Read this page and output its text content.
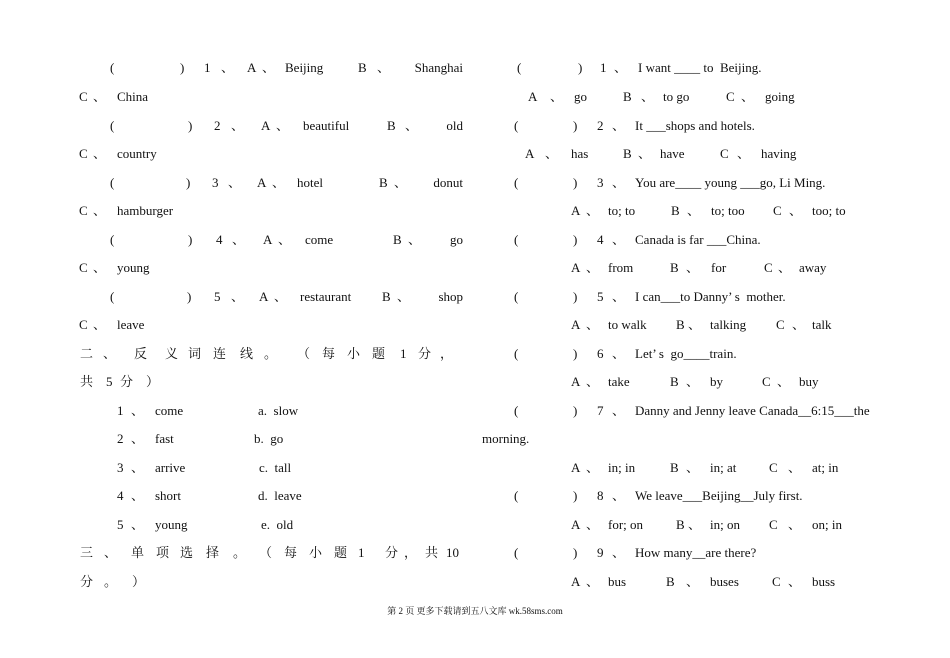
(	) 1 、 A 、 Beijing	B 、 Shanghai
C 、 China
(	) 2 、 A 、 beautiful	B 、 old
C 、 country
(	) 3 、 A 、 hotel	B 、 donut
C 、 hamburger
(	) 4 、 A 、 come	B 、 go
C 、 young
(	) 5 、 A 、 restaurant B 、 shop
C 、 leave
二 、 反 义 词 连 线 。 （ 每 小 题 1 分 ，
共 5 分 ）
1 、 come	a.  slow
2 、 fast	b.  go
3 、 arrive	c.  tall
4 、 short	d.  leave
5 、 young	e.  old
三 、 单 项 选 择 。 （ 每 小 题 1 分 ， 共 10
分 。 ）
(	) 1 、 I want ____ to  Beijing.
A 、 go	B 、 to go	C 、 going
(	) 2 、 It ___shops and hotels.
A 、 has	B 、 have	C 、 having
(	) 3 、 You are____ young ___go, Li Ming.
A 、 to; to	B 、 to; too C 、 too; to
(	) 4 、 Canada is far ___China.
A 、 from	B 、 for	C 、 away
(	) 5 、 I can___to Danny’ s  mother.
A 、 to walk B 、 talking C 、 talk
(	) 6 、 Let’ s  go____train.
A 、 take	B 、 by	C 、 buy
(	) 7 、 Danny and Jenny leave Canada__6:15___the
morning.
A 、 in; in	B 、 in; at	C 、 at; in
(	) 8 、 We leave___Beijing__July first.
A 、 for; on	B 、 in; on C 、 on; in
(	) 9 、 How many__are there?
A 、 bus	B 、 buses	C 、 buss
第 2 页 更多下载请到五八文库 wk.58sms.com
